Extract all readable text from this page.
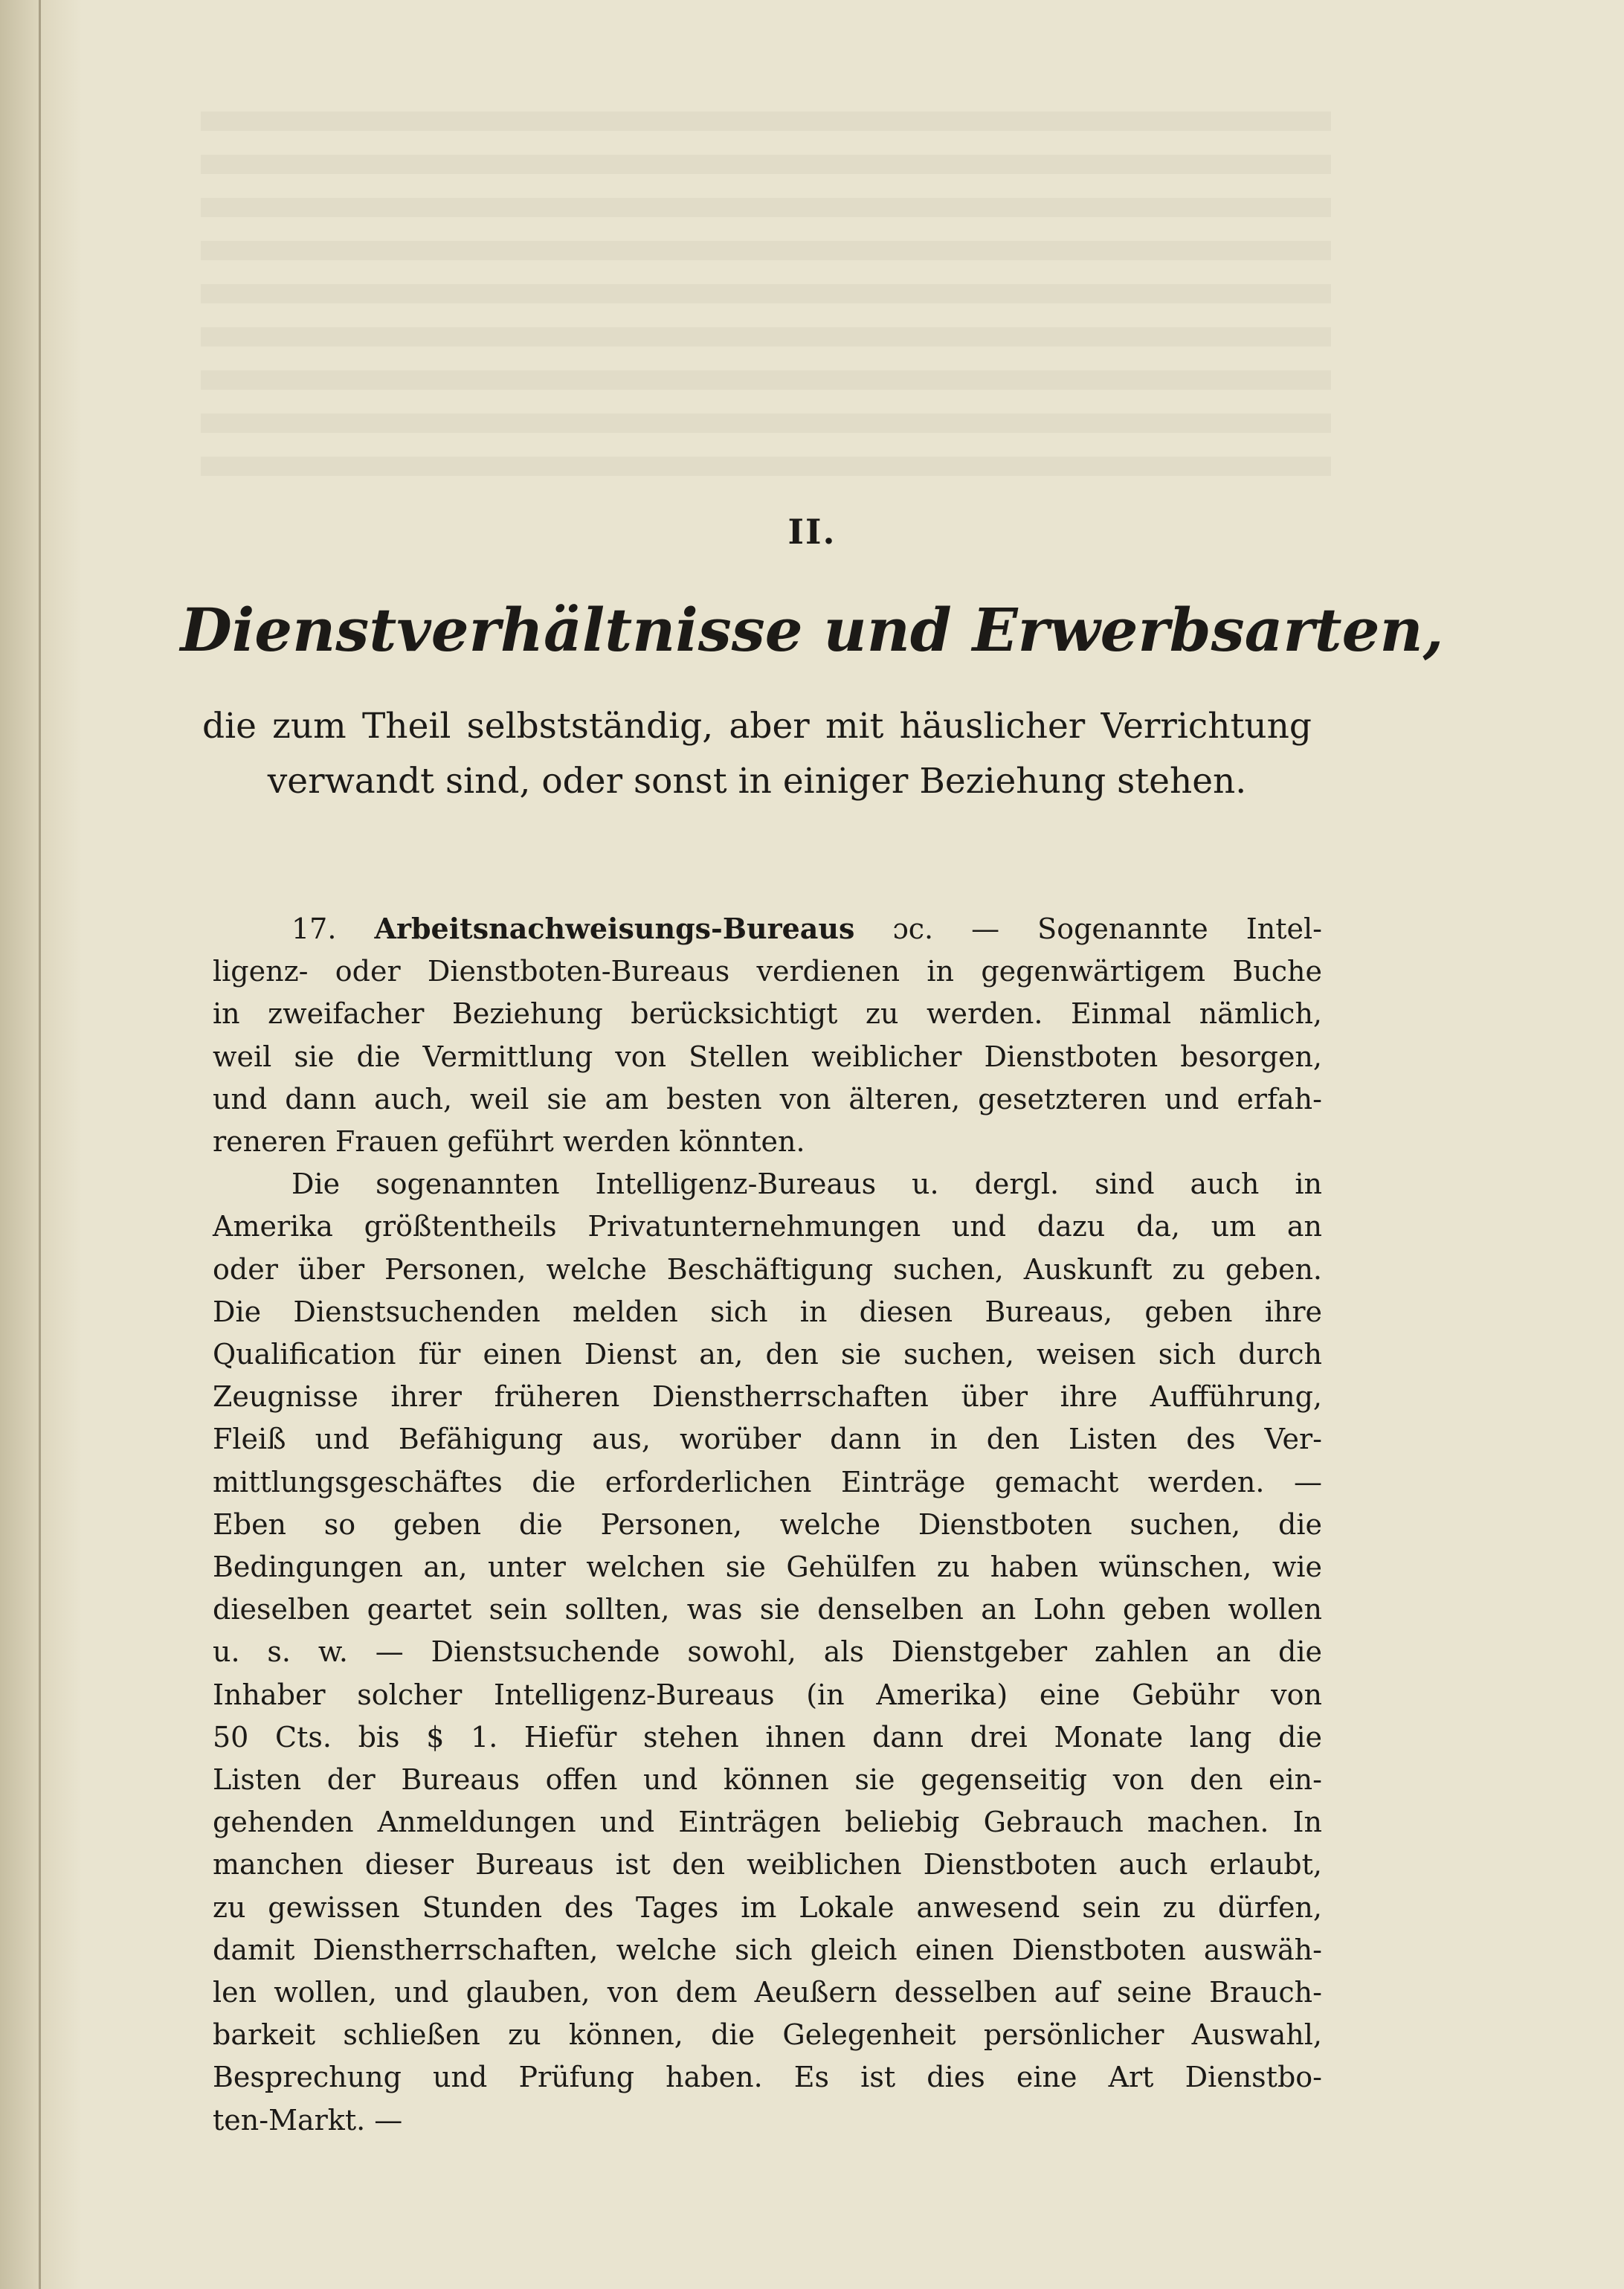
II.
Dienstverhältnisse und Erwerbsarten,
die zum Theil selbstständig, aber mit häuslicher Verrichtung verwandt sind, oder sonst in einiger Beziehung stehen.
17. Arbeitsnachweisungs-Bureaus ɔc. — Sogenannte Intel-
ligenz- oder Dienstboten-Bureaus verdienen in gegenwärtigem Buche
in zweifacher Beziehung berücksichtigt zu werden. Einmal nämlich,
weil sie die Vermittlung von Stellen weiblicher Dienstboten besorgen,
und dann auch, weil sie am besten von älteren, gesetzteren und erfah-
reneren Frauen geführt werden könnten.
Die sogenannten Intelligenz-Bureaus u. dergl. sind auch in
Amerika größtentheils Privatunternehmungen und dazu da, um an
oder über Personen, welche Beschäftigung suchen, Auskunft zu geben.
Die Dienstsuchenden melden sich in diesen Bureaus, geben ihre
Qualification für einen Dienst an, den sie suchen, weisen sich durch
Zeugnisse ihrer früheren Dienstherrschaften über ihre Aufführung,
Fleiß und Befähigung aus, worüber dann in den Listen des Ver-
mittlungsgeschäftes die erforderlichen Einträge gemacht werden. —
Eben so geben die Personen, welche Dienstboten suchen, die
Bedingungen an, unter welchen sie Gehülfen zu haben wünschen, wie
dieselben geartet sein sollten, was sie denselben an Lohn geben wollen
u. s. w. — Dienstsuchende sowohl, als Dienstgeber zahlen an die
Inhaber solcher Intelligenz-Bureaus (in Amerika) eine Gebühr von
50 Cts. bis $ 1. Hiefür stehen ihnen dann drei Monate lang die
Listen der Bureaus offen und können sie gegenseitig von den ein-
gehenden Anmeldungen und Einträgen beliebig Gebrauch machen. In
manchen dieser Bureaus ist den weiblichen Dienstboten auch erlaubt,
zu gewissen Stunden des Tages im Lokale anwesend sein zu dürfen,
damit Dienstherrschaften, welche sich gleich einen Dienstboten auswäh-
len wollen, und glauben, von dem Aeußern desselben auf seine Brauch-
barkeit schließen zu können, die Gelegenheit persönlicher Auswahl,
Besprechung und Prüfung haben. Es ist dies eine Art Dienstbo-
ten-Markt. —
